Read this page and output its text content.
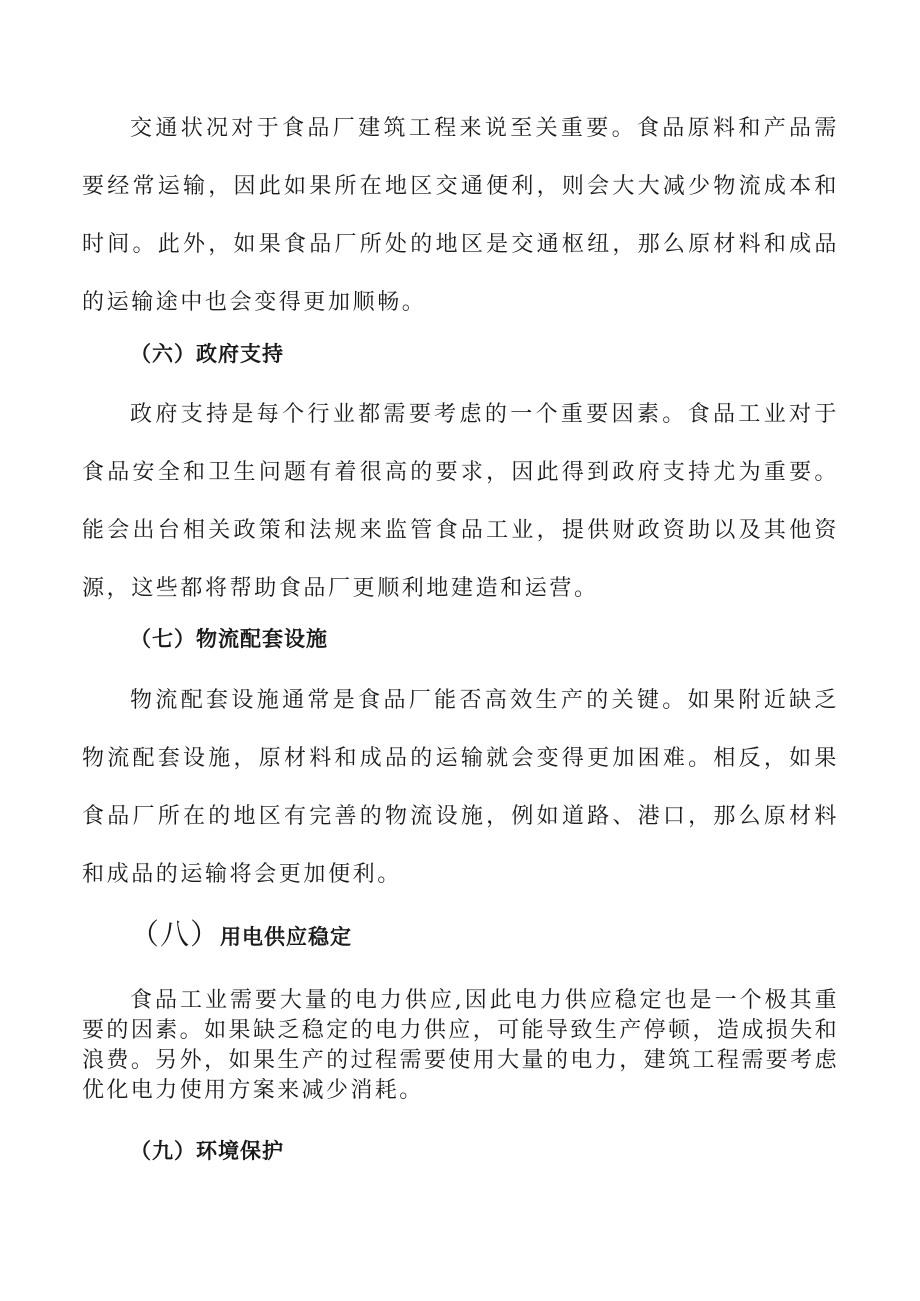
交通状况对于食品厂建筑工程来说至关重要。食品原料和产品需要经常运输，因此如果所在地区交通便利，则会大大减少物流成本和时间。此外，如果食品厂所处的地区是交通枢纽，那么原材料和成品的运输途中也会变得更加顺畅。

（六）政府支持

政府支持是每个行业都需要考虑的一个重要因素。食品工业对于食品安全和卫生问题有着很高的要求，因此得到政府支持尤为重要。能会出台相关政策和法规来监管食品工业，提供财政资助以及其他资源，这些都将帮助食品厂更顺利地建造和运营。

（七）物流配套设施

物流配套设施通常是食品厂能否高效生产的关键。如果附近缺乏物流配套设施，原材料和成品的运输就会变得更加困难。相反，如果食品厂所在的地区有完善的物流设施，例如道路、港口，那么原材料和成品的运输将会更加便利。

（八）用电供应稳定

食品工业需要大量的电力供应,因此电力供应稳定也是一个极其重要的因素。如果缺乏稳定的电力供应，可能导致生产停顿，造成损失和浪费。另外，如果生产的过程需要使用大量的电力，建筑工程需要考虑优化电力使用方案来减少消耗。

（九）环境保护
